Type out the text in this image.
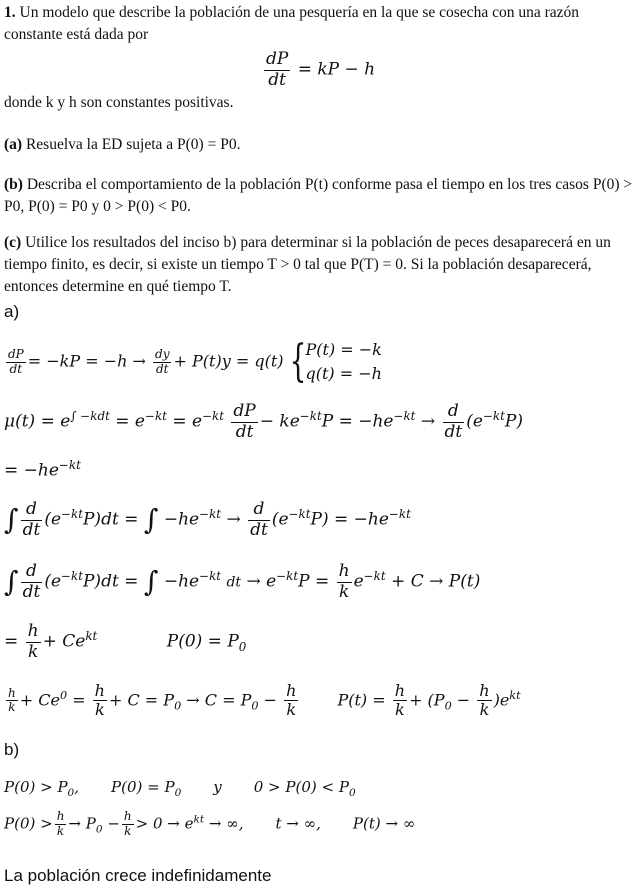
1. Un modelo que describe la población de una pesquería en la que se cosecha con una razón constante está dada por
$\frac{dP}{dt}$ = kP − h
donde k y h son constantes positivas.
(a) Resuelva la ED sujeta a P(0) = P0.
(b) Describa el comportamiento de la población P(t) conforme pasa el tiempo en los tres casos P(0) > P0, P(0) = P0 y 0 > P(0) < P0.
(c) Utilice los resultados del inciso b) para determinar si la población de peces desaparecerá en un tiempo finito, es decir, si existe un tiempo T > 0 tal que P(T) = 0. Si la población desaparecerá, entonces determine en qué tiempo T.
a)
$\frac{dP}{dt} = -kP = -h \to \frac{dy}{dt} + P(t)y = q(t)$ { P(t) = −k
q(t) = −h
$\mu(t) = e^{\int -kdt} = e^{-kt} = e^{-kt} \frac{dP}{dt} - ke^{-kt}P = -he^{-kt} \to \frac{d}{dt} (e^{-kt}P)$
= $-he^{-kt}$
∫ $\frac{d}{dt} (e^{-kt}P)dt$ = ∫ $-he^{-kt} \to \frac{d}{dt} (e^{-kt}P) = -he^{-kt}$
∫ $\frac{d}{dt} (e^{-kt}P)dt$ = ∫ $-he^{-kt}$ dt → $e^{-kt}P = \frac{h}{k} e^{-kt} + C \to P(t)$
= $\frac{h}{k} + Ce^{kt}$	$P(0) = P_0$
$\frac{h}{k} + Ce^0 = \frac{h}{k} + C = P_0 \to C = P_0 - \frac{h}{k} P(t) = \frac{h}{k} + (P_0 - \frac{h}{k} )e^{kt}$
b)
$P(0) > P_0$, $P(0) = P_0$ y $0 > P(0) < P_0$
$P(0) > \frac{h}{k} \to P_0 - \frac{h}{k} > 0 \to e^{kt}$ → ∞, t → ∞, P(t) → ∞
La población crece indefinidamente
